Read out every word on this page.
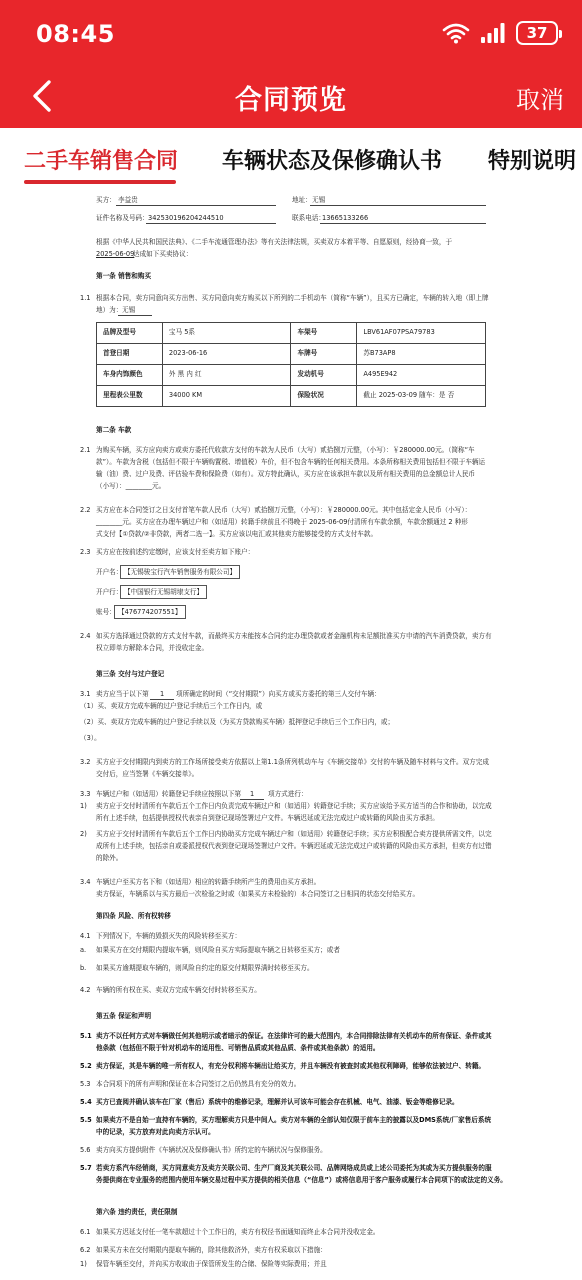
08:45	37
合同预览	取消
二手车销售合同 车辆状态及保修确认书 特别说明
买方： 李益贵	地址： 无锡
证件名称及号码： 342530196204244510	联系电话：
13665133266
根据《中华人民共和国民法典》、《二手车流通管理办法》等有关法律法规，买卖双方本着平等、自愿原则，经协商一致，于
2025-06-09
达成如下买卖协议：
第一条 销售和购买
1.1 根据本合同，卖方同意向买方出售、买方同意向卖方购买以下所列的二手机动车（简称“车辆”），且买方已确定，车辆的转入地（即上牌
地）为： 无锡
品牌及型号	宝马 5系	车架号	LBV61AF07PSA79783
首登日期	2023-06-16	车牌号	苏B73AP8
车身内饰颜色	外 黑 内 红	发动机号	A495E942
里程表公里数	34000 KM	保险状况	截止 2025-03-09 随车：是 否
第二条 车款
2.1 为购买车辆，买方应向卖方或卖方委托代收款方支付的车款为人民币（大写）贰拾捌万元整，（小写）：￥280000.00元。（简称“车
款”）。车款为含税（包括但不限于车辆购置税、增值税）车价，但不包含车辆的任何相关费用。本条所称相关费用包括但不限于车辆运
输（油）费、过户及费、评估验车费和保险费（如有）。双方特此确认，买方应在该承担车款以及所有相关费用的总金额总计人民币
（小写）：________元。
2.2 买方应在本合同签订之日支付首笔车款人民币（大写）贰拾捌万元整，（小写）：￥280000.00元。其中包括定金人民币（小写）：
________元。买方应在办理车辆过户和（如适用）转籍手续前且不得晚于 2025-06-09付清所有车款余额，车款余额通过 2 种形
式支付【①贷款/②非贷款，两者二选一】。买方应该以电汇或其他卖方能够接受的方式支付车款。
2.3 买方应在按前述约定缴时，应该支付至卖方如下账户：
开户名： 【无锡骏宝行汽车销售服务有限公司】
开户行： 【中国银行无锡胡埭支行】
账号： 【476774207551】
2.4 如买方选择通过贷款的方式支付车款，而最终买方未能按本合同约定办理贷款或者金融机构未足额批准买方申请的汽车消费贷款，卖方有
权立即单方解除本合同，并没收定金。
第三条 交付与过户登记
3.1 卖方应当于以下第 1 项所确定的时间（“交付期限”）向买方或买方委托的第三人交付车辆：
（1）买、卖双方完成车辆的过户登记手续后三个工作日内，或
（2）买、卖双方完成车辆的过户登记手续以及（为买方贷款购买车辆）抵押登记手续后三个工作日内，或；
（3）。
3.2 买方应于交付期限内到卖方的工作场所接受卖方依据以上第1.1条所列机动车与《车辆交接单》交付的车辆及随车材料与文件。双方完成
交付后，应当签署《车辆交接单》。
3.3 车辆过户和（如适用）转籍登记手续应按照以下第 1 项方式进行：
1) 卖方应于交付时清所有车款后五个工作日内负责完成车辆过户和（如适用）转籍登记手续；买方应该给予买方适当的合作和协助，以完成
所有上述手续，包括提供授权代表亲自到登记现场签署过户文件。车辆迟延或无法完成过户或转籍的风险由买方承担。
2) 买方应于交付时清所有车款后五个工作日内协助买方完成车辆过户和（如适用）转籍登记手续；买方应积极配合卖方提供所需文件，以完
成所有上述手续，包括亲自或委派授权代表到登记现场签署过户文件。车辆迟延或无法完成过户或转籍的风险由买方承担，但卖方有过错
的除外。
3.4 车辆过户至买方名下和（如适用）相应的转籍手续所产生的费用由买方承担。
卖方保证，车辆系以与买方最后一次检验之时或（如果买方未检验的）本合同签订之日相同的状态交付给买方。
第四条 风险、所有权转移
4.1 下列情况下，车辆的毁损灭失的风险转移至买方：
a. 如果买方在交付期限内提取车辆，则风险自买方实际提取车辆之日转移至买方；或者
b. 如果买方逾期提取车辆的，则风险自约定的原交付期限界满时转移至买方。
4.2 车辆的所有权在买、卖双方完成车辆交付时转移至买方。
第五条 保证和声明
5.1 卖方不以任何方式对车辆做任何其他明示或者暗示的保证。在法律许可的最大范围内，本合同排除法律有关机动车的所有保证、条件或其
他条款（包括但不限于针对机动车的适用性、可销售品质或其他品质、条件或其他条款）的适用。
5.2 卖方保证，其是车辆的唯一所有权人，有充分权利将车辆出让给买方，并且车辆没有被查封或其他权利障碍，能够依法被过户、转籍。
5.3 本合同项下的所有声明和保证在本合同签订之后仍然具有充分的效力。
5.4 买方已查阅并确认该车在厂家（售后）系统中的维修记录，理解并认可该车可能会存在机械、电气、油漆、钣金等维修记录。
5.5 如果卖方不是自始一直持有车辆的，买方理解卖方只是中间人。卖方对车辆的全部认知仅限于前车主的披露以及DMS系统/厂家售后系统
中的记录，买方放弃对此向卖方示认可。
5.6 卖方向买方提供附件《车辆状况及保修确认书》所约定的车辆状况与保修服务。
5.7 若卖方系汽车经销商，买方同意卖方及卖方关联公司、生产厂商及其关联公司、品牌网络成员或上述公司委托为其或为买方提供服务的服
务提供商在专业服务的范围内使用车辆交易过程中买方提供的相关信息（“信息”）或将信息用于客户服务或履行本合同项下的或法定的义务。
第六条 违约责任，责任限制
6.1 如果买方迟延支付任一笔车款超过十个工作日的，卖方有权径书面通知而终止本合同并没收定金。
6.2 如果买方未在交付期限内提取车辆的，除其他救济外，卖方有权采取以下措施：
1) 保管车辆至交付，并向买方收取由于保管所发生的合储、保险等实际费用；并且
